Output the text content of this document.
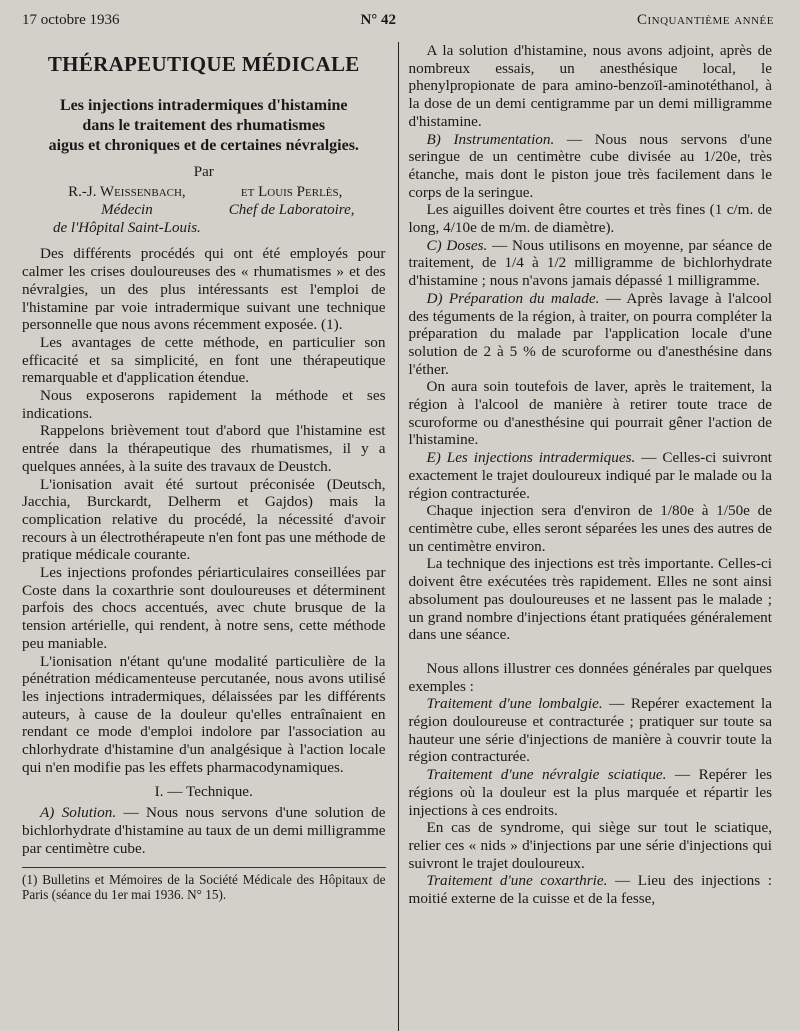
17 octobre 1936	N° 42	Cinquantième année
THÉRAPEUTIQUE MÉDICALE
Les injections intradermiques d'histamine
dans le traitement des rhumatismes
aigus et chroniques et de certaines névralgies.

Par

R.-J. Weissenbach,
Médecin
de l'Hôpital Saint-Louis.
et Louis Perlès,
Chef de Laboratoire,

Des différents procédés qui ont été employés pour calmer les crises douloureuses des « rhumatismes » et des névralgies, un des plus intéressants est l'emploi de l'histamine par voie intradermique suivant une technique personnelle que nous avons récemment exposée. (1).

Les avantages de cette méthode, en particulier son efficacité et sa simplicité, en font une thérapeutique remarquable et d'application étendue.

Nous exposerons rapidement la méthode et ses indications.

Rappelons brièvement tout d'abord que l'histamine est entrée dans la thérapeutique des rhumatismes, il y a quelques années, à la suite des travaux de Deustch.

L'ionisation avait été surtout préconisée (Deutsch, Jacchia, Burckardt, Delherm et Gajdos) mais la complication relative du procédé, la nécessité d'avoir recours à un électrothérapeute n'en font pas une méthode de pratique médicale courante.

Les injections profondes périarticulaires conseillées par Coste dans la coxarthrie sont douloureuses et déterminent parfois des chocs accentués, avec chute brusque de la tension artérielle, qui rendent, à notre sens, cette méthode peu maniable.

L'ionisation n'étant qu'une modalité particulière de la pénétration médicamenteuse percutanée, nous avons utilisé les injections intradermiques, délaissées par les différents auteurs, à cause de la douleur qu'elles entraînaient en rendant ce mode d'emploi indolore par l'association au chlorhydrate d'histamine d'un analgésique à l'action locale qui n'en modifie pas les effets pharmacodynamiques.

I. — Technique.

A) Solution. — Nous nous servons d'une solution de bichlorhydrate d'histamine au taux de un demi milligramme par centimètre cube.

(1) Bulletins et Mémoires de la Société Médicale des Hôpitaux de Paris (séance du 1er mai 1936. N° 15).

A la solution d'histamine, nous avons adjoint, après de nombreux essais, un anesthésique local, le phenylpropionate de para amino-benzoïl-aminotéthanol, à la dose de un demi centigramme par un demi milligramme d'histamine.

B) Instrumentation. — Nous nous servons d'une seringue de un centimètre cube divisée au 1/20e, très étanche, mais dont le piston joue très facilement dans le corps de la seringue.

Les aiguilles doivent être courtes et très fines (1 c/m. de long, 4/10e de m/m. de diamètre).

C) Doses. — Nous utilisons en moyenne, par séance de traitement, de 1/4 à 1/2 milligramme de bichlorhydrate d'histamine ; nous n'avons jamais dépassé 1 milligramme.

D) Préparation du malade. — Après lavage à l'alcool des téguments de la région, à traiter, on pourra compléter la préparation du malade par l'application locale d'une solution de 2 à 5 % de scuroforme ou d'anesthésine dans l'éther.

On aura soin toutefois de laver, après le traitement, la région à l'alcool de manière à retirer toute trace de scuroforme ou d'anesthésine qui pourrait gêner l'action de l'histamine.

E) Les injections intradermiques. — Celles-ci suivront exactement le trajet douloureux indiqué par le malade ou la région contracturée.

Chaque injection sera d'environ de 1/80e à 1/50e de centimètre cube, elles seront séparées les unes des autres de un centimètre environ.

La technique des injections est très importante. Celles-ci doivent être exécutées très rapidement. Elles ne sont ainsi absolument pas douloureuses et ne lassent pas le malade ; un grand nombre d'injections étant pratiquées généralement dans une séance.

Nous allons illustrer ces données générales par quelques exemples :

Traitement d'une lombalgie. — Repérer exactement la région douloureuse et contracturée ; pratiquer sur toute sa hauteur une série d'injections de manière à couvrir toute la région contracturée.

Traitement d'une névralgie sciatique. — Repérer les régions où la douleur est la plus marquée et répartir les injections à ces endroits.

En cas de syndrome, qui siège sur tout le sciatique, relier ces « nids » d'injections par une série d'injections qui suivront le trajet douloureux.

Traitement d'une coxarthrie. — Lieu des injections : moitié externe de la cuisse et de la fesse,
